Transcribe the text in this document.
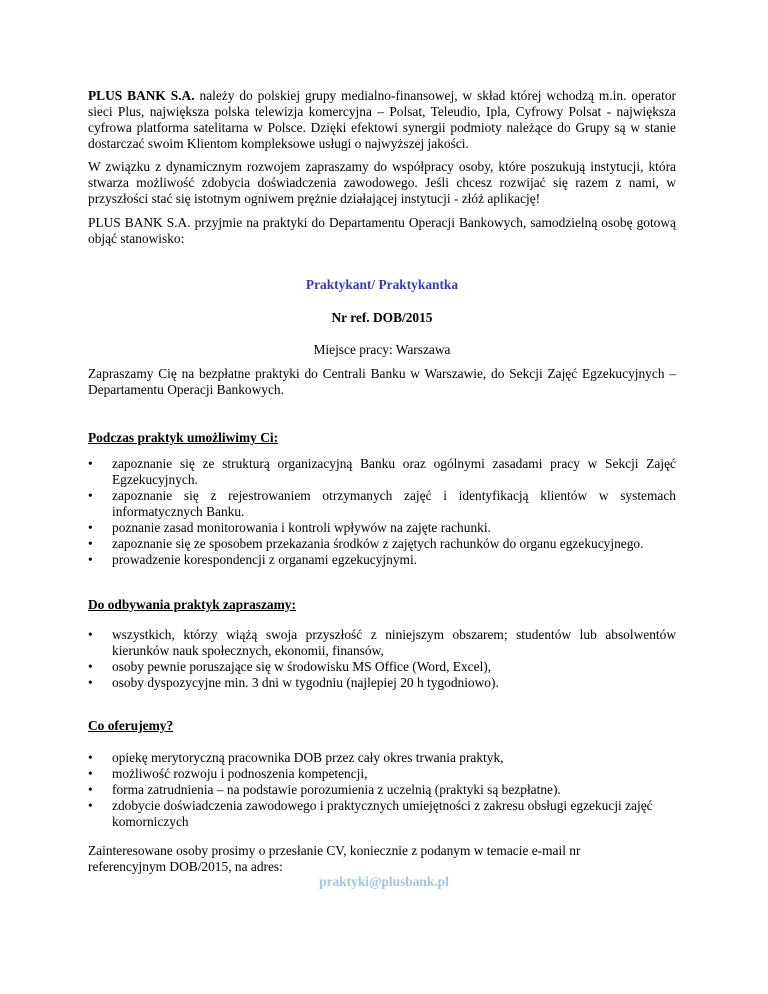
PLUS BANK S.A. należy do polskiej grupy medialno-finansowej, w skład której wchodzą m.in. operator sieci Plus, największa polska telewizja komercyjna – Polsat, Teleudio, Ipla, Cyfrowy Polsat - największa cyfrowa platforma satelitarna w Polsce. Dzięki efektowi synergii podmioty należące do Grupy są w stanie dostarczać swoim Klientom kompleksowe usługi o najwyższej jakości.

W związku z dynamicznym rozwojem zapraszamy do współpracy osoby, które poszukują instytucji, która stwarza możliwość zdobycia doświadczenia zawodowego. Jeśli chcesz rozwijać się razem z nami, w przyszłości stać się istotnym ogniwem prężnie działającej instytucji - złóż aplikację!

PLUS BANK S.A. przyjmie na praktyki do Departamentu Operacji Bankowych, samodzielną osobę gotową objąć stanowisko:

Praktykant/ Praktykantka

Nr ref. DOB/2015

Miejsce pracy: Warszawa

Zapraszamy Cię na bezpłatne praktyki do Centrali Banku w Warszawie, do Sekcji Zajęć Egzekucyjnych – Departamentu Operacji Bankowych.

Podczas praktyk umożliwimy Ci:

• zapoznanie się ze strukturą organizacyjną Banku oraz ogólnymi zasadami pracy w Sekcji Zajęć Egzekucyjnych.
• zapoznanie się z rejestrowaniem otrzymanych zajęć i identyfikacją klientów w systemach informatycznych Banku.
• poznanie zasad monitorowania i kontroli wpływów na zajęte rachunki.
• zapoznanie się ze sposobem przekazania środków z zajętych rachunków do organu egzekucyjnego.
• prowadzenie korespondencji z organami egzekucyjnymi.

Do odbywania praktyk zapraszamy:

• wszystkich, którzy wiążą swoja przyszłość z niniejszym obszarem; studentów lub absolwentów kierunków nauk społecznych, ekonomii, finansów,
• osoby pewnie poruszające się w środowisku MS Office (Word, Excel),
• osoby dyspozycyjne min. 3 dni w tygodniu (najlepiej 20 h tygodniowo).

Co oferujemy?

• opiekę merytoryczną pracownika DOB przez cały okres trwania praktyk,
• możliwość rozwoju i podnoszenia kompetencji,
• forma zatrudnienia – na podstawie porozumienia z uczelnią (praktyki są bezpłatne).
• zdobycie doświadczenia zawodowego i praktycznych umiejętności z zakresu obsługi egzekucji zajęć komorniczych

Zainteresowane osoby prosimy o przesłanie CV, koniecznie z podanym w temacie e-mail nr referencyjnym DOB/2015, na adres:

praktyki@plusbank.pl
